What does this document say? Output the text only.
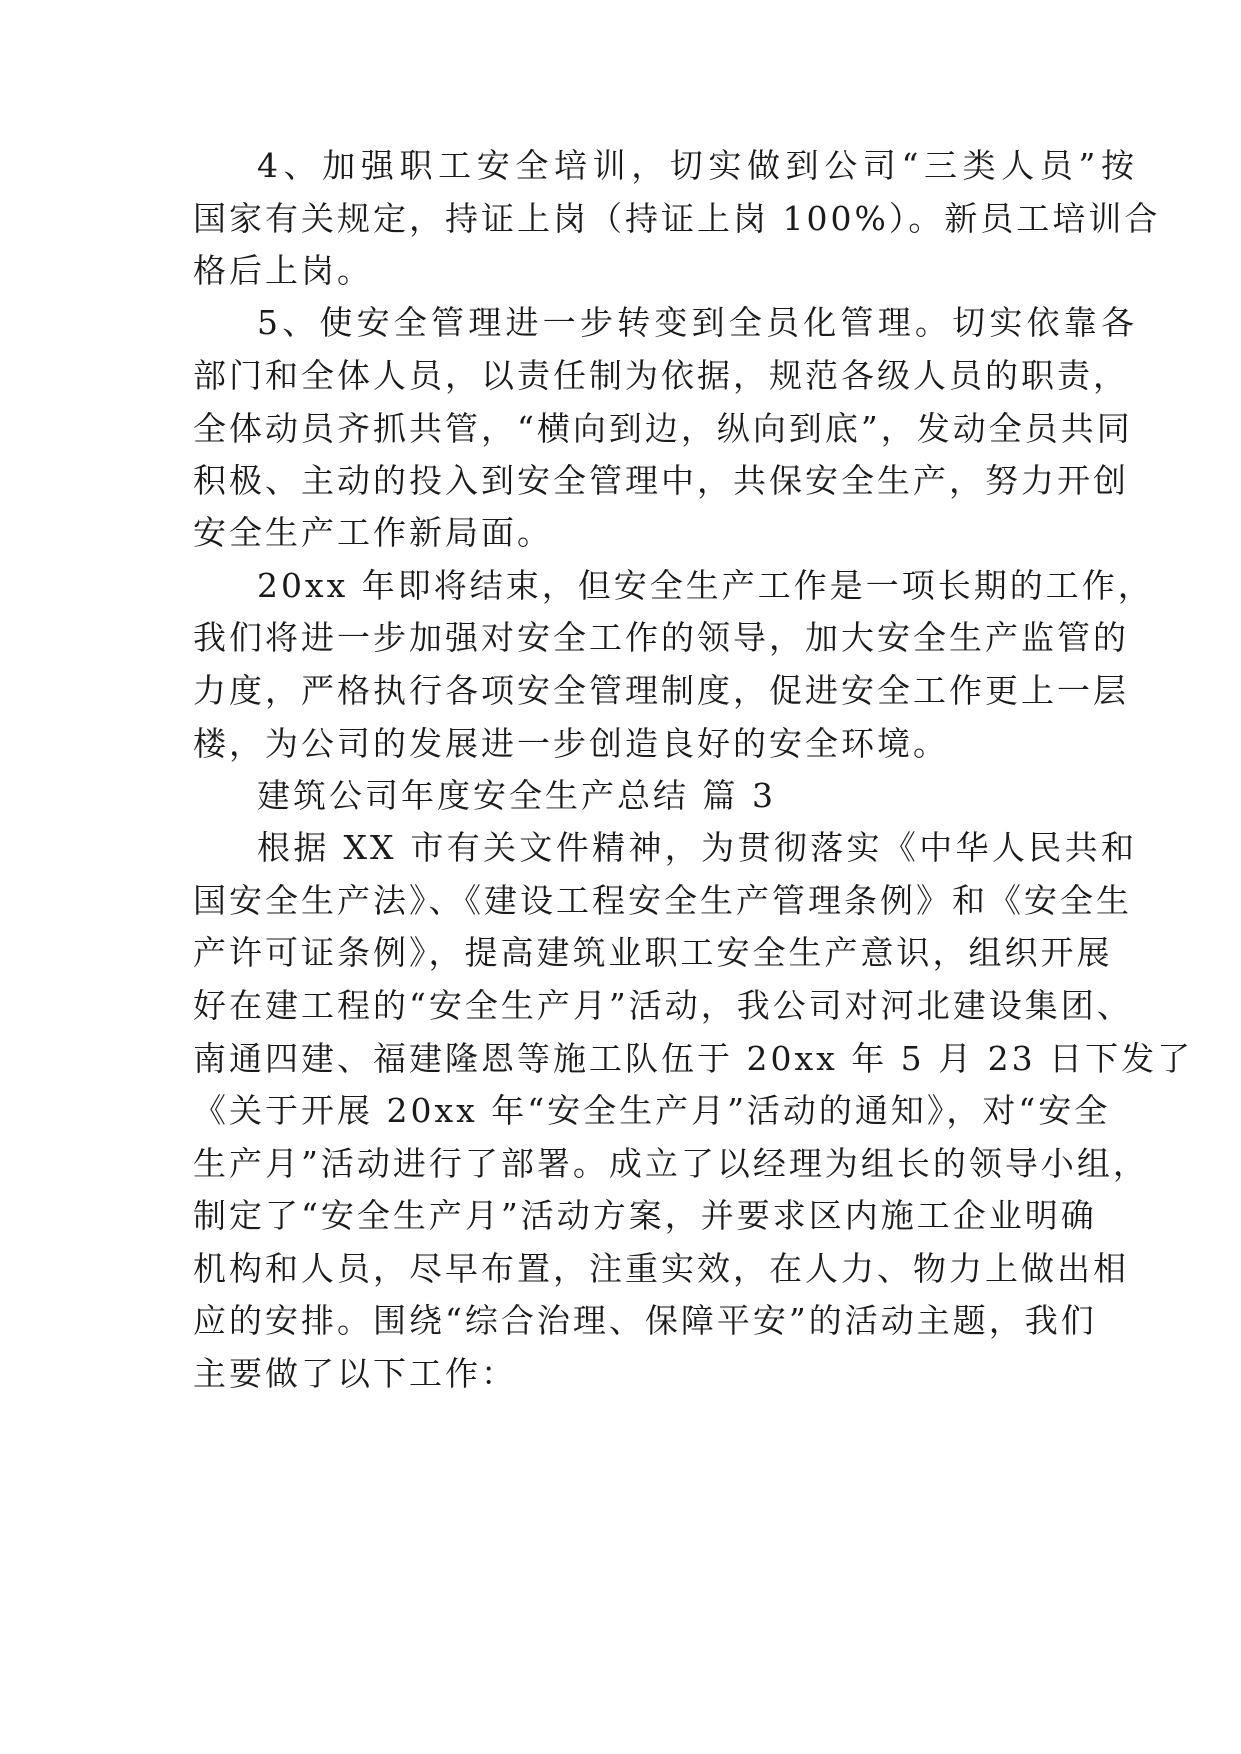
4、加强职工安全培训，切实做到公司“三类人员”按
国家有关规定，持证上岗（持证上岗 100%）。新员工培训合
格后上岗。
5、使安全管理进一步转变到全员化管理。切实依靠各
部门和全体人员，以责任制为依据，规范各级人员的职责，
全体动员齐抓共管，“横向到边，纵向到底”，发动全员共同
积极、主动的投入到安全管理中，共保安全生产，努力开创
安全生产工作新局面。
20xx 年即将结束，但安全生产工作是一项长期的工作，
我们将进一步加强对安全工作的领导，加大安全生产监管的
力度，严格执行各项安全管理制度，促进安全工作更上一层
楼，为公司的发展进一步创造良好的安全环境。
建筑公司年度安全生产总结 篇 3
根据 XX 市有关文件精神，为贯彻落实《中华人民共和
国安全生产法》、《建设工程安全生产管理条例》和《安全生
产许可证条例》，提高建筑业职工安全生产意识，组织开展
好在建工程的“安全生产月”活动，我公司对河北建设集团、
南通四建、福建隆恩等施工队伍于 20xx 年 5 月 23 日下发了
《关于开展 20xx 年“安全生产月”活动的通知》，对“安全
生产月”活动进行了部署。成立了以经理为组长的领导小组，
制定了“安全生产月”活动方案，并要求区内施工企业明确
机构和人员，尽早布置，注重实效，在人力、物力上做出相
应的安排。围绕“综合治理、保障平安”的活动主题，我们
主要做了以下工作：
